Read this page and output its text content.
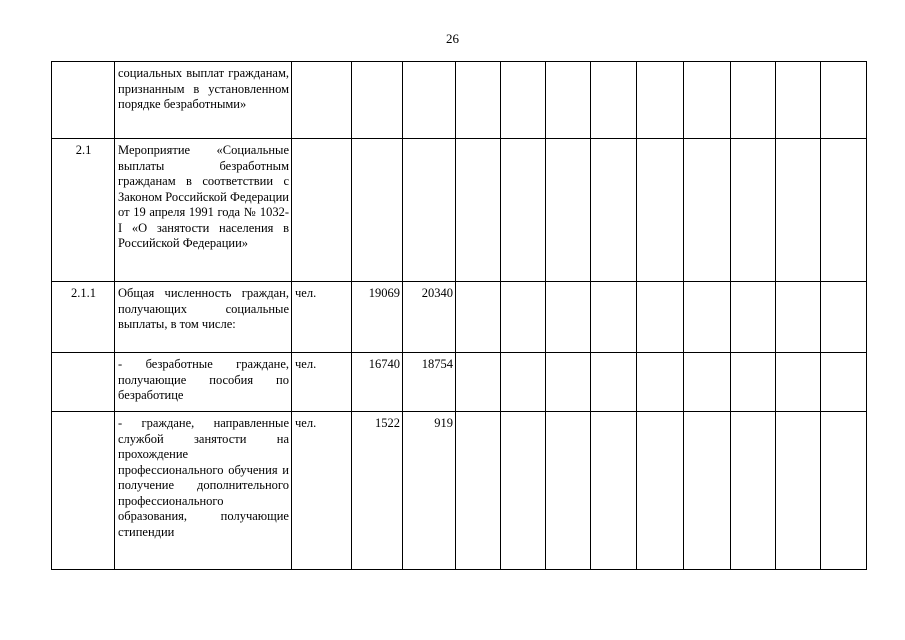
26
	социальных выплат гражданам, признанным в установленном порядке безработными»												
2.1	Мероприятие «Социальные выплаты безработным гражданам в соответствии с Законом Российской Федерации от 19 апреля 1991 года № 1032-I «О занятости населения в Российской Федерации»												
2.1.1	Общая численность граждан, получающих социальные выплаты, в том числе:	чел.	19069	20340									
	- безработные граждане, получающие пособия по безработице	чел.	16740	18754									
	- граждане, направленные службой занятости на прохождение профессионального обучения и получение дополнительного профессионального образования, получающие стипендии	чел.	1522	919									
